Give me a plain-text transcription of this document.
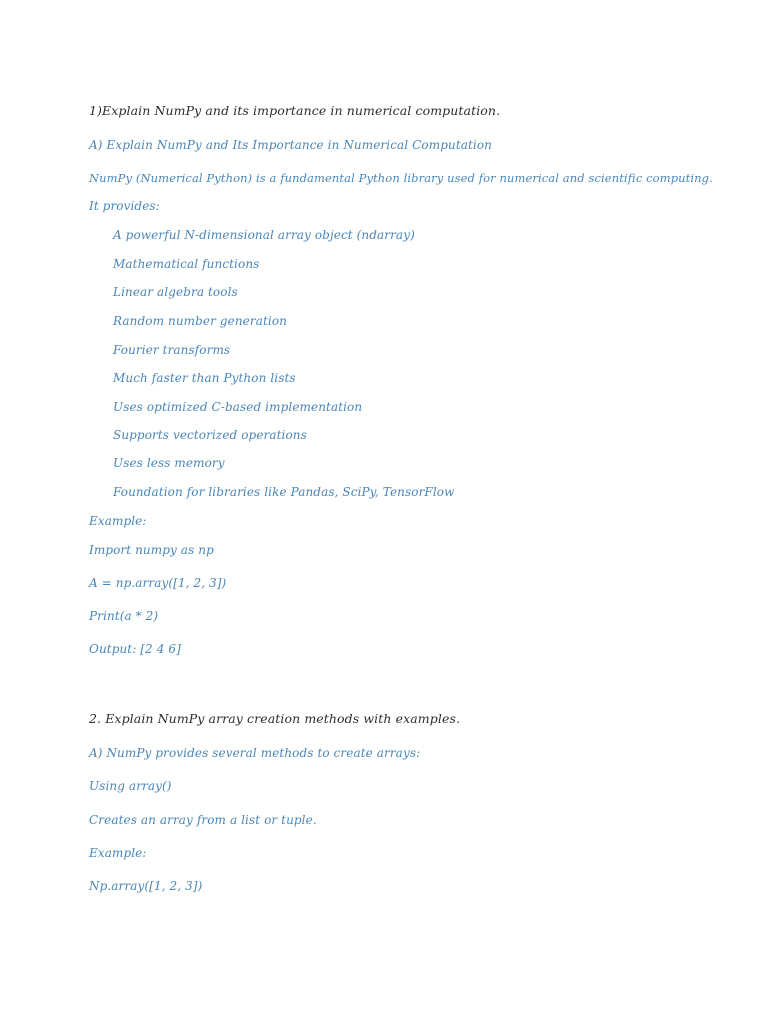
1)Explain NumPy and its importance in numerical computation.
A) Explain NumPy and Its Importance in Numerical Computation
NumPy (Numerical Python) is a fundamental Python library used for numerical and scientific computing.
It provides:
A powerful N-dimensional array object (ndarray)
Mathematical functions
Linear algebra tools
Random number generation
Fourier transforms
Much faster than Python lists
Uses optimized C-based implementation
Supports vectorized operations
Uses less memory
Foundation for libraries like Pandas, SciPy, TensorFlow
Example:
Import numpy as np
A = np.array([1, 2, 3])
Print(a * 2)
Output: [2 4 6]
2. Explain NumPy array creation methods with examples.
A) NumPy provides several methods to create arrays:
Using array()
Creates an array from a list or tuple.
Example:
Np.array([1, 2, 3])
